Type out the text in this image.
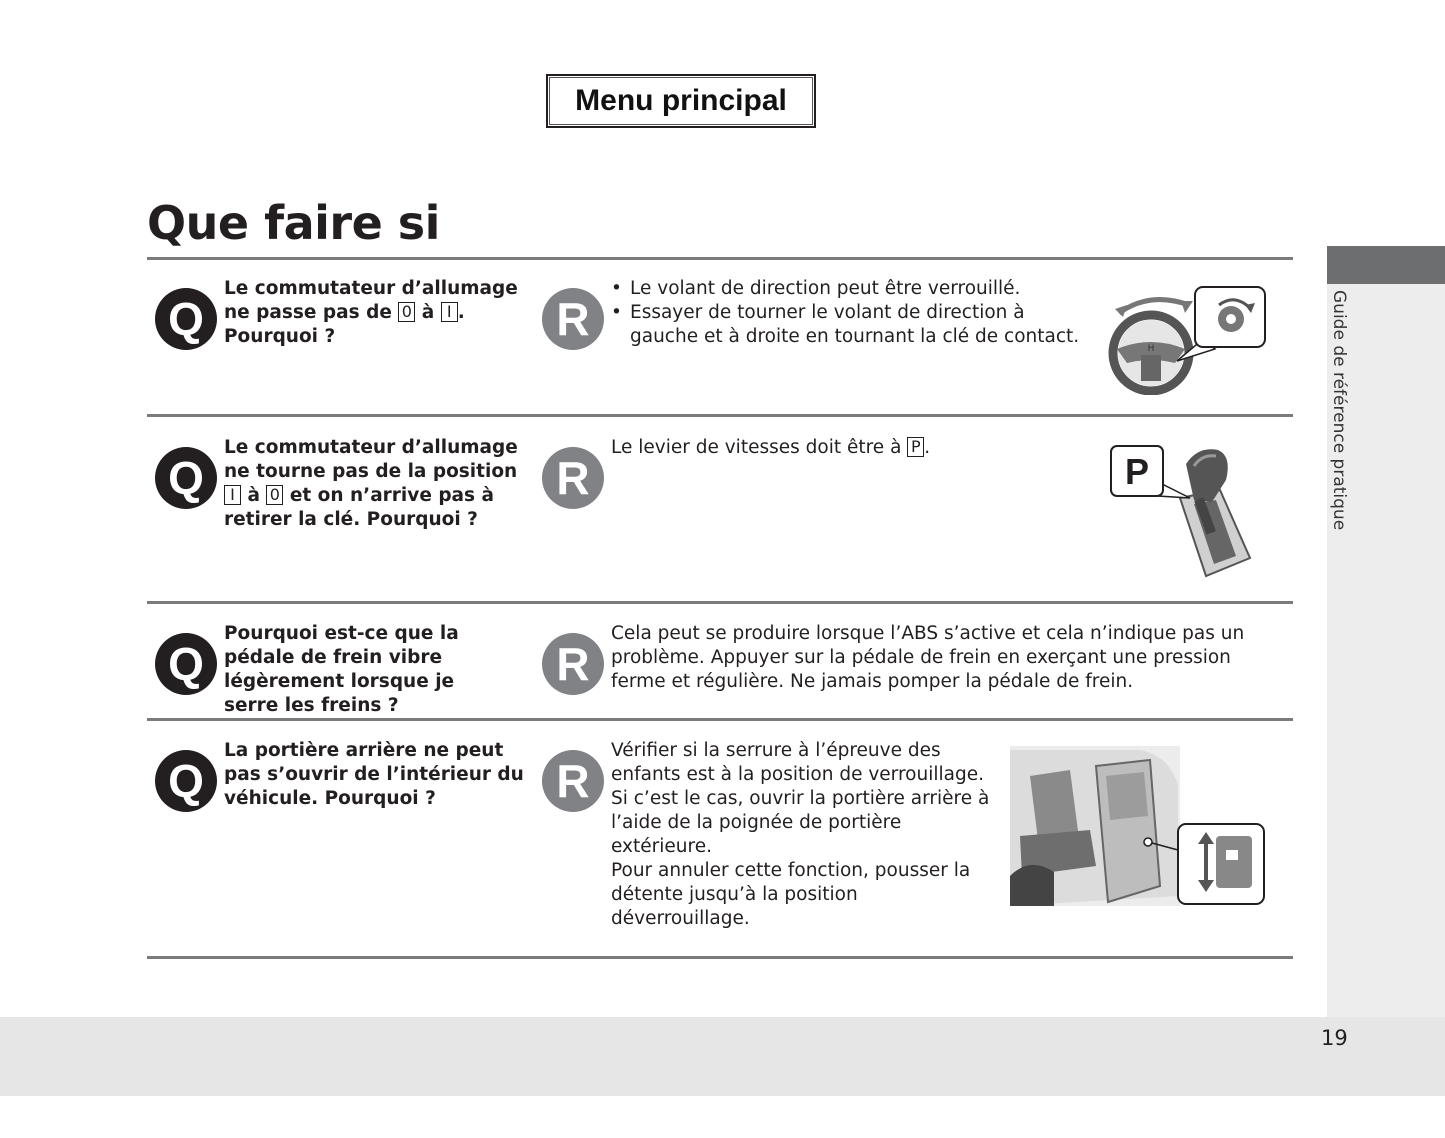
Menu principal
Que faire si
Guide de référence pratique
Q
Le commutateur d’allumage
ne passe pas de 0 à I .
Pourquoi ?	R
• Le volant de direction peut être verrouillé.
• Essayer de tourner le volant de direction à gauche et à droite en tournant la clé de contact.
H
Q
Le commutateur d’allumage
ne tourne pas de la position
I à 0 et on n’arrive pas à
retirer la clé. Pourquoi ?
R
Le levier de vitesses doit être à P .
P
Q
Pourquoi est-ce que la pédale de frein vibre légèrement lorsque je serre les freins ?
R
Cela peut se produire lorsque l’ABS s’active et cela n’indique pas un problème. Appuyer sur la pédale de frein en exerçant une pression ferme et régulière. Ne jamais pomper la pédale de frein.
Q
La portière arrière ne peut pas s’ouvrir de l’intérieur du véhicule. Pourquoi ?	R
Vérifier si la serrure à l’épreuve des enfants est à la position de verrouillage. Si c’est le cas, ouvrir la portière arrière à l’aide de la poignée de portière extérieure.
Pour annuler cette fonction, pousser la détente jusqu’à la position déverrouillage.
19
